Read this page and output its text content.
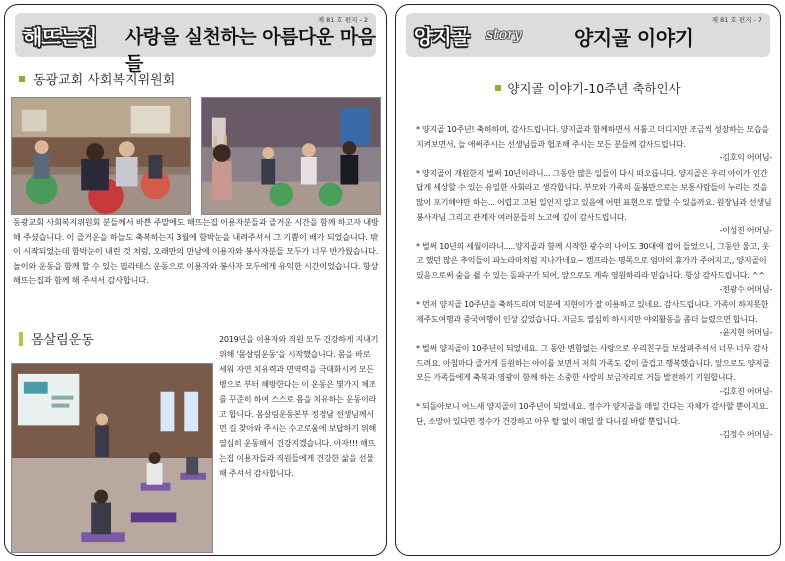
제 81 호 편지 - 2
해뜨는집 사랑을 실천하는 아름다운 마음들
동광교회 사회복지위원회
동광교회 사회복지위원회 분들께서 바쁜 주말에도 해뜨는집 이용자분들과 즐거운 시간을 함께 하고자 내방 해 주셨습니다. 이 즐거운을 하늘도 축복하는지 3월에 함박눈을 내려주셔서 그 기쁨이 배가 되었습니다. 밖이 시작되었는데 함박눈이 내린 것 처럼, 오래만의 만남에 이용자와 봉사자분들 모두가 너무 반가웠습니다. 놀이와 운동을 함께 할 수 있는 필라테스 운동으로 이용자와 봉사자 모두에게 유익한 시간이었습니다. 항상 해뜨는집과 함께 해 주셔서 감사합니다.
몸살림운동	2019년을 이용자와 직원 모두 건강하게 지내기 위해 '몸살림운동'을 시작했습니다. 몸을 바로 세워 자연 치유력과 면역력을 극대화시켜 모든 병으로 부터 해방한다는 이 운동은 몇가지 체조를 꾸준히 하여 스스로 몸을 치유하는 운동이라고 합니다. 몸살림운동본부 정경남 선생님께서 먼 길 찾아와 주시는 수고로움에 보답하기 위해 열심히 운동해서 건강지겠습니다. 아자!!! 해뜨는집 이용자들과 직원들에게 건강한 삶을 선물 해 주셔서 감사합니다.
제 81 호 편지 - 7
양지골 story	양지골 이야기
양지골 이야기-10주년 축하인사
* 양지골 10주년! 축하하며, 감사드립니다. 양지골과 함께하면서 서툴고 더디지만 조금씩 성장하는 모습을 지켜보면서, 늘 애써주시는 선생님들과 협조해 주시는 모든 분들께 감사드립니다.
-김호익 어머님-
* 양지골이 개원한지 벌써 10년이라니... 그동안 많은 일들이 다시 떠오릅니다. 양지골은 우리 아이가 인간답게 세상할 수 있는 유일한 사회라고 생각합니다. 부모와 가족의 돌봄만으로는 보통사람들이 누리는 것을 많이 포기해야만 하는... 어렵고 고된 일인지 알고 있음에 어떤 표현으로 말할 수 있을까요. 원장님과 선생님 봉사자님 그리고 관계자 여러분들의 노고에 깊이 감사드립니다.
-이성진 어머님-
* 벌써 10년의 세월이라니.....양지골과 함께 시작한 광수의 나이도 30대에 접어 들었으니, 그동안 울고, 웃고 했던 많은 추억들이 파노라마처럼 지나가네요~ 캠프라는 명목으로 엄마의 휴가가 주어지고,, 양지골이 있음으로써 숨을 쉴 수 있는 돌파구가 되어, 앞으로도 계속 영원하리라 믿습니다. 항상 감사드립니다. ^^
-전광수 어머님-
* 먼저 양지골 10주년을 축하드리며 덕분에 지현이가 잘 이용하고 있네요. 감사드립니다. 가족이 하지못한 제주도여행과 중국여행이 인상 깊었습니다. 지금도 열심히 하시지만 야외활동을 좀더 늘렸으면 합니다.
-윤지현 어머님-
* 벌써 양지골이 10주년이 되었네요. 그 동안 변함없는 사랑으로 우리친구들 보살펴주셔서 너무 너무 감사드려요. 아침마다 즐거게 등원하는 아이를 보면서 저희 가족도 같이 즐겁고 행복했습니다. 앞으로도 양지골 모든 가족들에게 축복과 영광이 함께 하는 소중한 사랑의 보금자리로 거듭 발전하기 기원합니다.
-김호진 어머님-
* 되돌아보니 어느새 양지골이 10주년이 되었네요. 정수가 양지골을 매일 간다는 자체가 감사할 뿐이지요. 단, 소망이 있다면 정수가 건강하고 아무 탈 없이 매일 잘 다니길 바랄 뿐입니다.
-김정수 어머님-
